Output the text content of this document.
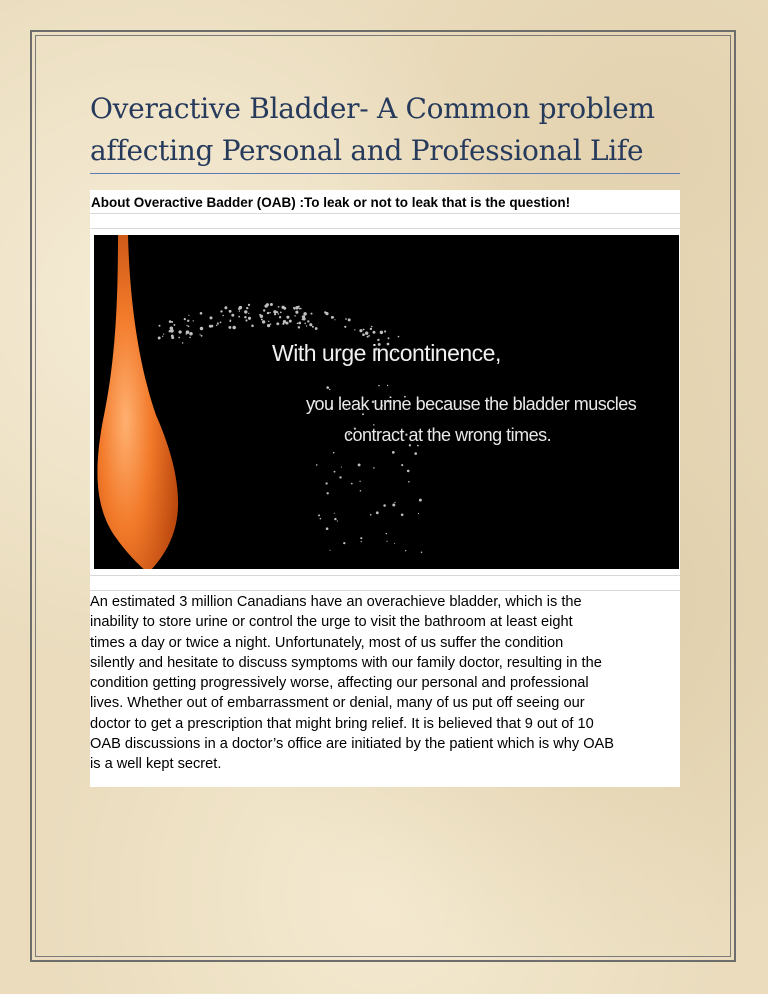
Overactive Bladder- A Common problem
affecting Personal and Professional Life
About Overactive Badder (OAB) :To leak or not to leak that is the question!
With urge incontinence,
you leak urine because the bladder muscles
contract at the wrong times.
An estimated 3 million Canadians have an overachieve bladder, which is the
inability to store urine or control the urge to visit the bathroom at least eight
times a day or twice a night. Unfortunately, most of us suffer the condition
silently and hesitate to discuss symptoms with our family doctor, resulting in the
condition getting progressively worse, affecting our personal and professional
lives. Whether out of embarrassment or denial, many of us put off seeing our
doctor to get a prescription that might bring relief. It is believed that 9 out of 10
OAB discussions in a doctor’s office are initiated by the patient which is why OAB
is a well kept secret.
